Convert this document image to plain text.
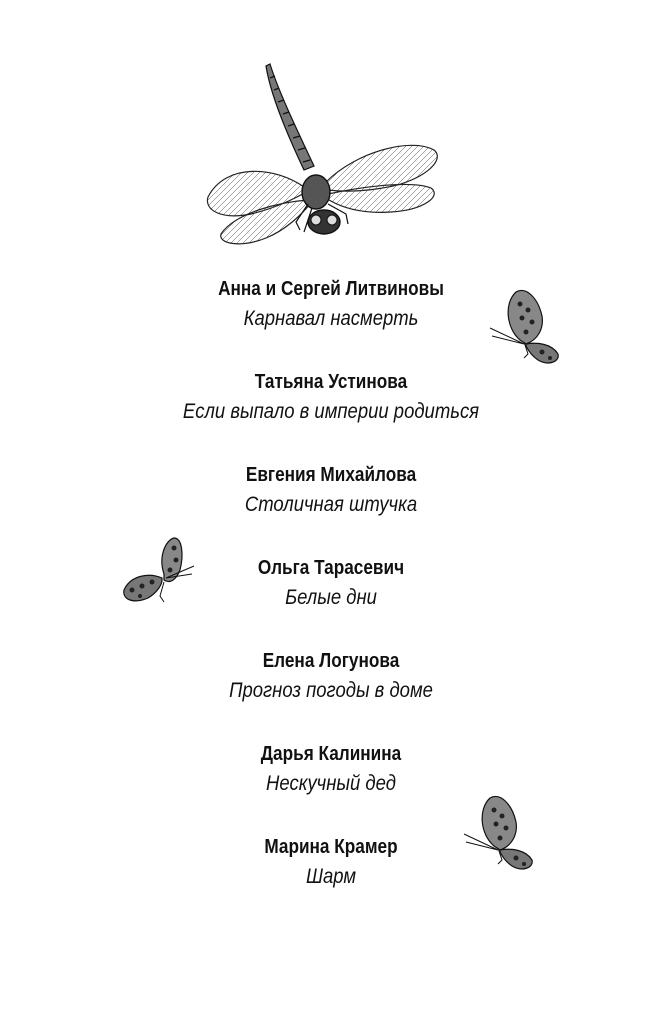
Анна и Сергей Литвиновы
Карнавал насмерть
Татьяна Устинова
Если выпало в империи родиться
Евгения Михайлова
Столичная штучка
Ольга Тарасевич
Белые дни
Елена Логунова
Прогноз погоды в доме
Дарья Калинина
Нескучный дед
Марина Крамер
Шарм
